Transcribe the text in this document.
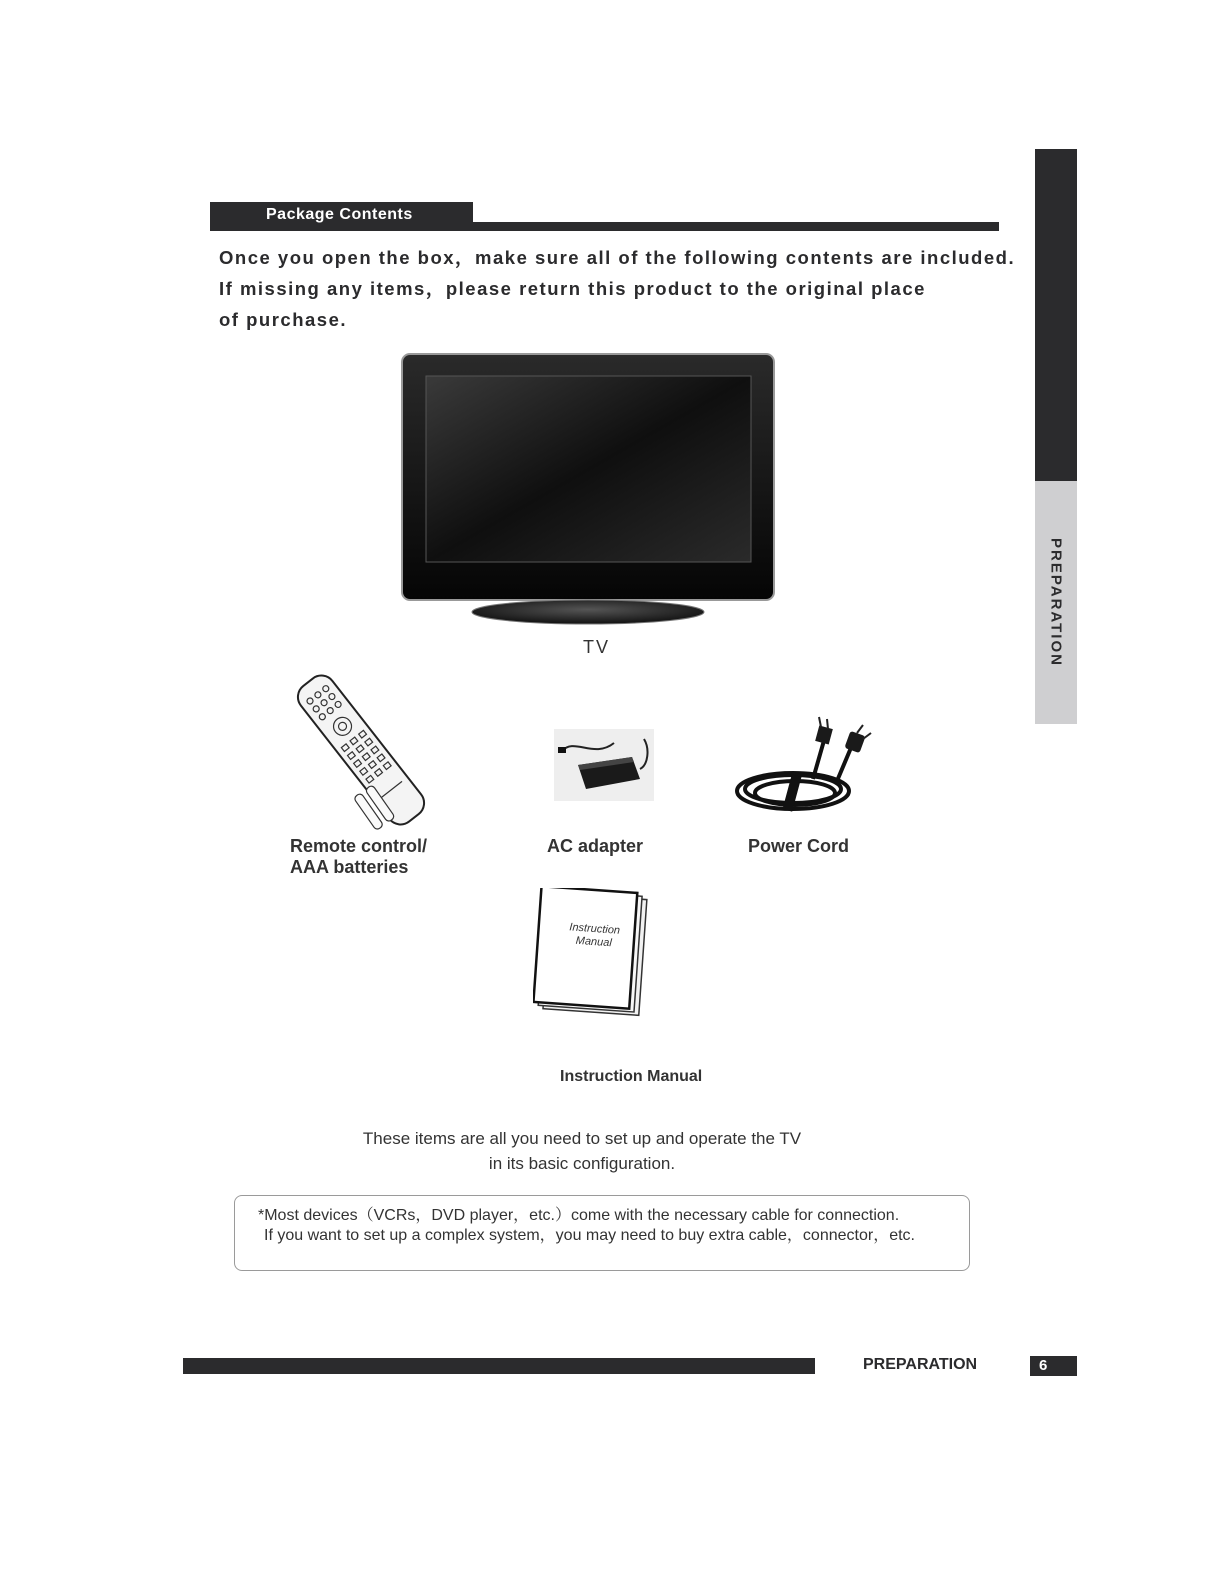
PREPARATION
Package Contents
Once you open the box，make sure all of the following contents are included.
If missing any items，please return this product to the original place
of purchase.
TV
Remote control/
AAA batteries
AC adapter	Power Cord
Instruction
Manual
Instruction Manual
These items are all you need to set up and operate the TV
in its basic configuration.
*Most devices（VCRs，DVD player，etc.）come with the necessary cable for connection.
If you want to set up a complex system，you may need to buy extra cable，connector，etc.
PREPARATION	6
